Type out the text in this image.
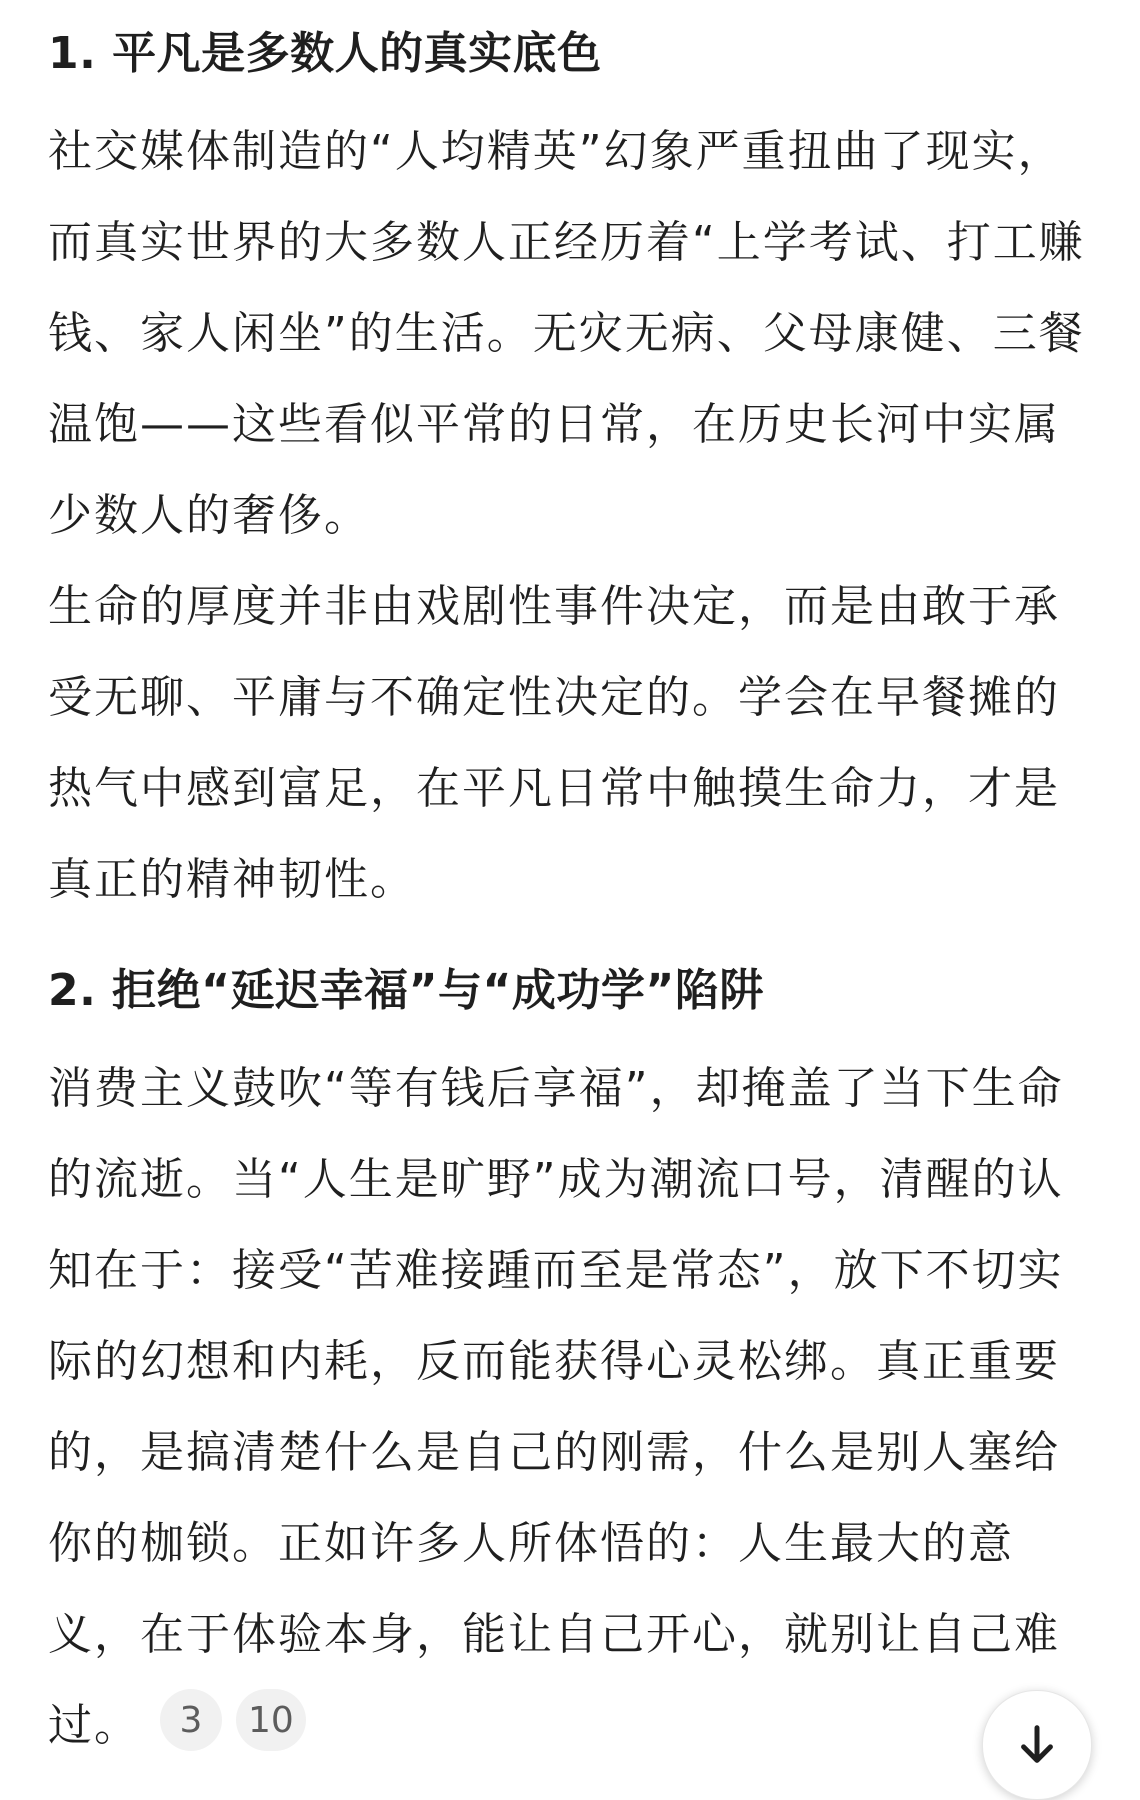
1. 平凡是多数人的真实底色

社交媒体制造的“人均精英”幻象严重扭曲了现实，而真实世界的大多数人正经历着“上学考试、打工赚钱、家人闲坐”的生活。无灾无病、父母康健、三餐温饱——这些看似平常的日常，在历史长河中实属少数人的奢侈。

生命的厚度并非由戏剧性事件决定，而是由敢于承受无聊、平庸与不确定性决定的。学会在早餐摊的热气中感到富足，在平凡日常中触摸生命力，才是真正的精神韧性。

2. 拒绝“延迟幸福”与“成功学”陷阱

消费主义鼓吹“等有钱后享福”，却掩盖了当下生命的流逝。当“人生是旷野”成为潮流口号，清醒的认知在于：接受“苦难接踵而至是常态”，放下不切实际的幻想和内耗，反而能获得心灵松绑。真正重要的，是搞清楚什么是自己的刚需，什么是别人塞给你的枷锁。正如许多人所体悟的：人生最大的意义，在于体验本身，能让自己开心，就别让自己难过。	3	10
